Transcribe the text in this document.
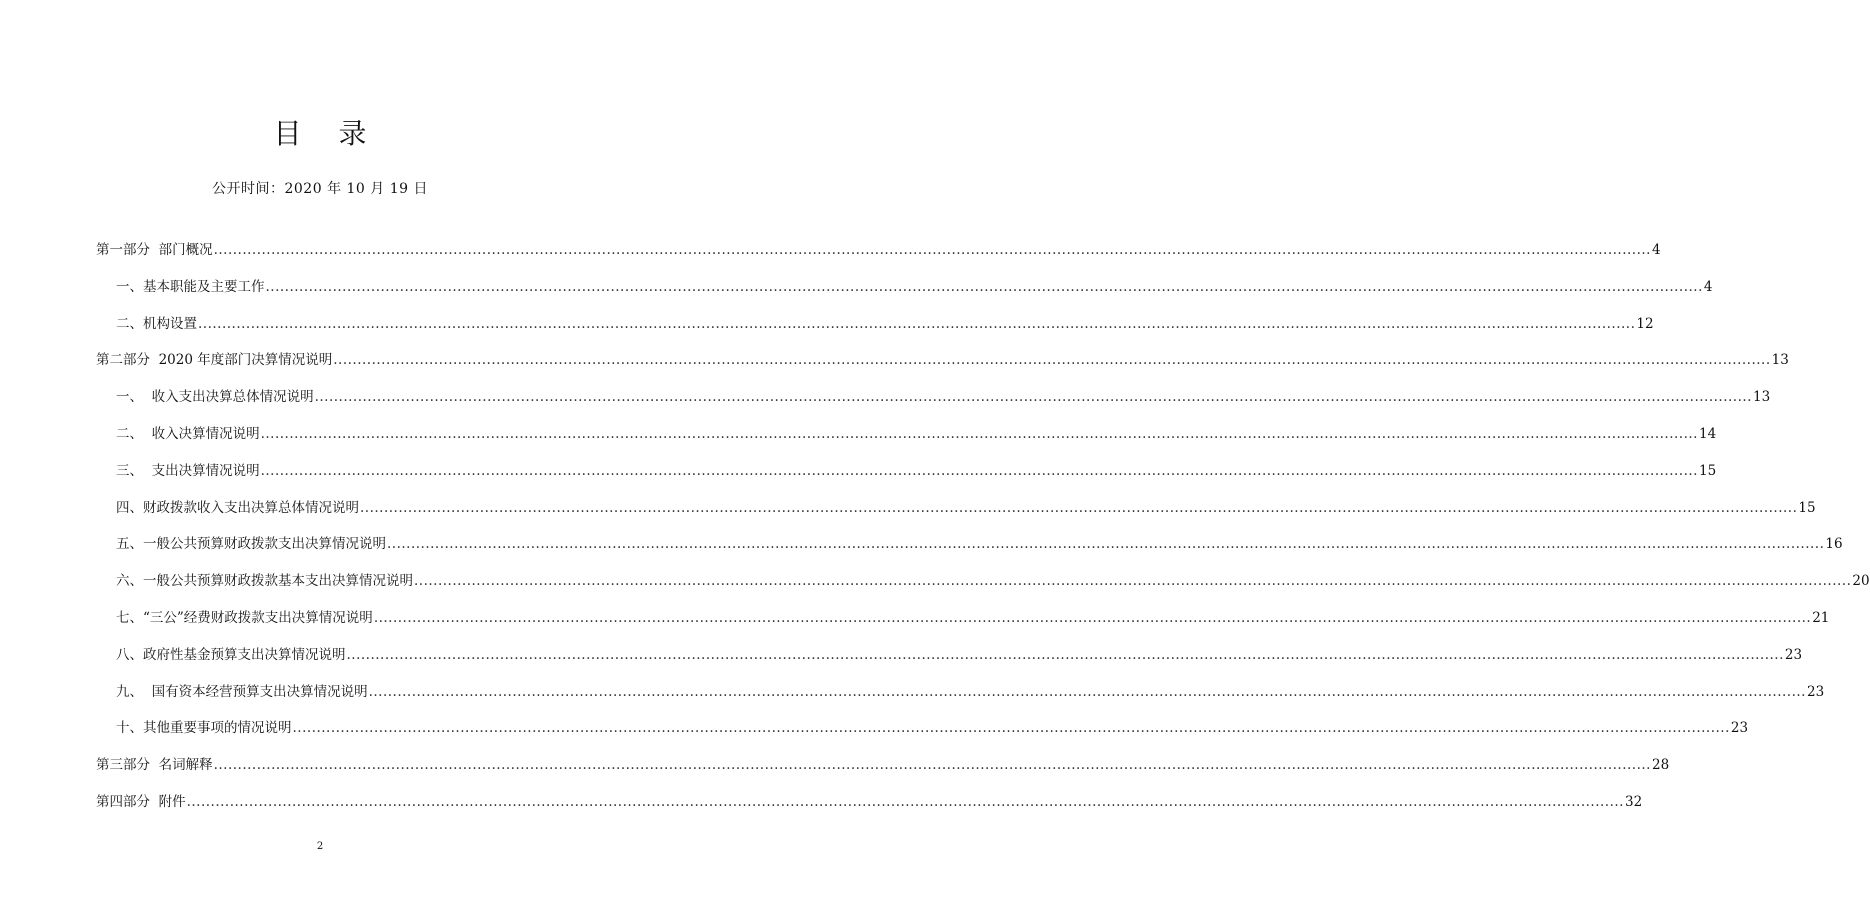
目 录
公开时间：2020 年 10 月 19 日
第一部分  部门概况 ............................................................................................................................................................................................................................................................................................................ 4
一、基本职能及主要工作 ............................................................................................................................................................................................................................................................................................................ 4
二、机构设置 ............................................................................................................................................................................................................................................................................................................ 12
第二部分  2020 年度部门决算情况说明 ............................................................................................................................................................................................................................................................................................................ 13
一、  收入支出决算总体情况说明 ............................................................................................................................................................................................................................................................................................................ 13
二、  收入决算情况说明 ............................................................................................................................................................................................................................................................................................................ 14
三、  支出决算情况说明 ............................................................................................................................................................................................................................................................................................................ 15
四、财政拨款收入支出决算总体情况说明 ............................................................................................................................................................................................................................................................................................................ 15
五、一般公共预算财政拨款支出决算情况说明 ............................................................................................................................................................................................................................................................................................................ 16
六、一般公共预算财政拨款基本支出决算情况说明 ............................................................................................................................................................................................................................................................................................................ 20
七、“三公”经费财政拨款支出决算情况说明 ............................................................................................................................................................................................................................................................................................................ 21
八、政府性基金预算支出决算情况说明 ............................................................................................................................................................................................................................................................................................................ 23
九、  国有资本经营预算支出决算情况说明 ............................................................................................................................................................................................................................................................................................................ 23
十、其他重要事项的情况说明 ............................................................................................................................................................................................................................................................................................................ 23
第三部分  名词解释 ............................................................................................................................................................................................................................................................................................................ 28
第四部分  附件 ............................................................................................................................................................................................................................................................................................................ 32
2
